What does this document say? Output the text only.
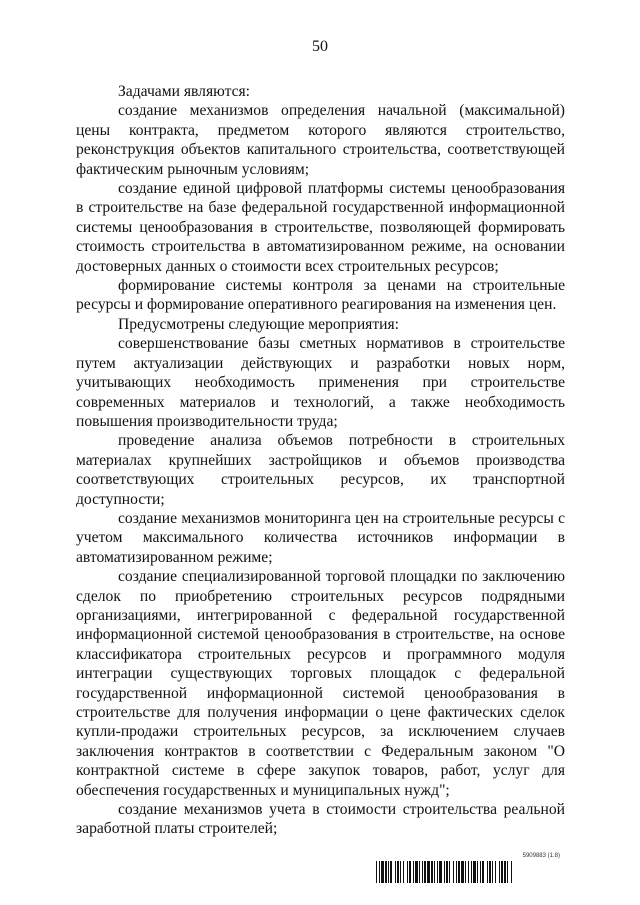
50

Задачами являются:

создание механизмов определения начальной (максимальной) цены контракта, предметом которого являются строительство, реконструкция объектов капитального строительства, соответствующей фактическим рыночным условиям;

создание единой цифровой платформы системы ценообразования в строительстве на базе федеральной государственной информационной системы ценообразования в строительстве, позволяющей формировать стоимость строительства в автоматизированном режиме, на основании достоверных данных о стоимости всех строительных ресурсов;

формирование системы контроля за ценами на строительные ресурсы и формирование оперативного реагирования на изменения цен.

Предусмотрены следующие мероприятия:

совершенствование базы сметных нормативов в строительстве путем актуализации действующих и разработки новых норм, учитывающих необходимость применения при строительстве современных материалов и технологий, а также необходимость повышения производительности труда;

проведение анализа объемов потребности в строительных материалах крупнейших застройщиков и объемов производства соответствующих строительных ресурсов, их транспортной доступности;

создание механизмов мониторинга цен на строительные ресурсы с учетом максимального количества источников информации в автоматизированном режиме;

создание специализированной торговой площадки по заключению сделок по приобретению строительных ресурсов подрядными организациями, интегрированной с федеральной государственной информационной системой ценообразования в строительстве, на основе классификатора строительных ресурсов и программного модуля интеграции существующих торговых площадок с федеральной государственной информационной системой ценообразования в строительстве для получения информации о цене фактических сделок купли-продажи строительных ресурсов, за исключением случаев заключения контрактов в соответствии с Федеральным законом "О контрактной системе в сфере закупок товаров, работ, услуг для обеспечения государственных и муниципальных нужд";

создание механизмов учета в стоимости строительства реальной заработной платы строителей;

5909883 (1.8)
